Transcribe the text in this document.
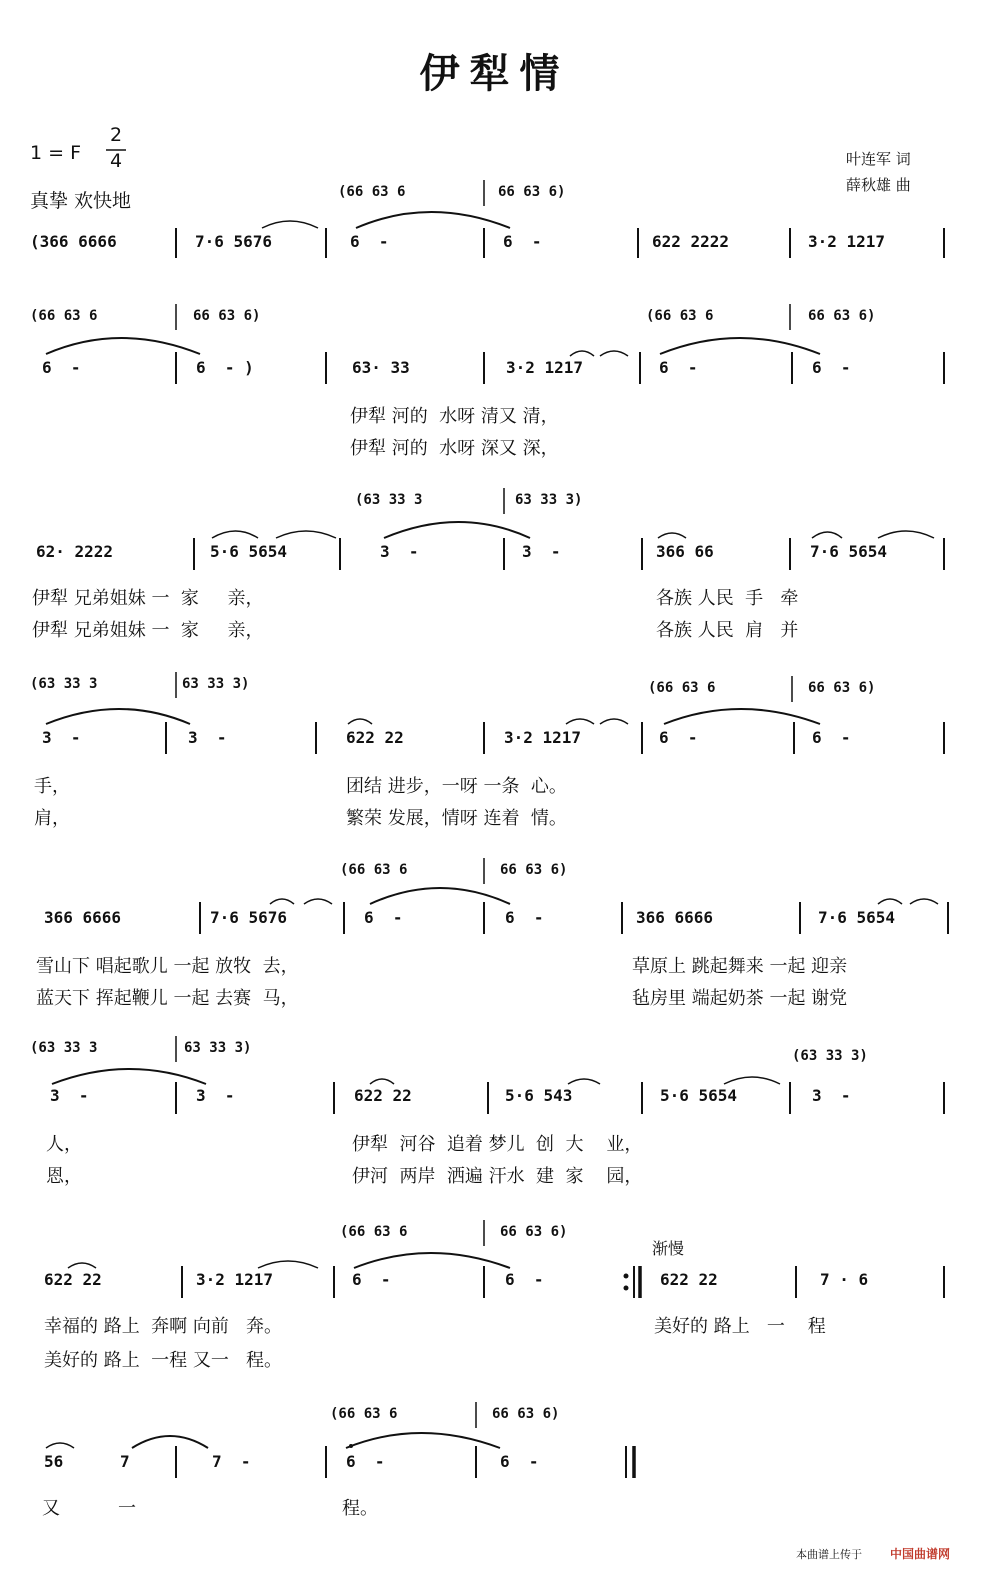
伊犁情
1 = F
2
4
真挚 欢快地
叶连军 词
薛秋雄 曲
(66 63 6	66 63 6)
(366 6666	7·6 5676	6  -	6  -	622 2222	3·2 1217
(66 63 6	66 63 6)	(66 63 6	66 63 6)
6  -	6  - )	63· 33	3·2 1217	6  -	6  -
伊犁 河的  水呀 清又 清，
伊犁 河的  水呀 深又 深，
(63 33 3	63 33 3)
62· 2222	5·6 5654	3  -	3  -	366 66	7·6 5654
伊犁 兄弟姐妹 一  家     亲，	各族 人民  手   牵
伊犁 兄弟姐妹 一  家     亲，	各族 人民  肩   并
(63 33 3	63 33 3)	(66 63 6	66 63 6)
3  -	3  -	622 22	3·2 1217	6  -	6  -
手，	团结 进步，一呀 一条  心。
肩，	繁荣 发展，情呀 连着  情。
(66 63 6	66 63 6)
366 6666	7·6 5676	6  -	6  -	366 6666	7·6 5654
雪山下 唱起歌儿 一起 放牧  去，	草原上 跳起舞来 一起 迎亲
蓝天下 挥起鞭儿 一起 去赛  马，	毡房里 端起奶茶 一起 谢党
(63 33 3	63 33 3)	(63 33 3)
3  -	3  -	622 22	5·6 543	5·6 5654	3  -
人，
恩，
伊犁  河谷  追着 梦儿  创  大    业，
伊河  两岸  洒遍 汗水  建  家    园，
(66 63 6	66 63 6)
渐慢
622 22	3·2 1217	6  -	6  -	622 22	7 · 6
幸福的 路上  奔啊 向前   奔。	美好的 路上   一    程
美好的 路上  一程 又一   程。
(66 63 6	66 63 6)
56	7	7  -	6  -	6  -
又	一	程。
本曲谱上传于 中国曲谱网
